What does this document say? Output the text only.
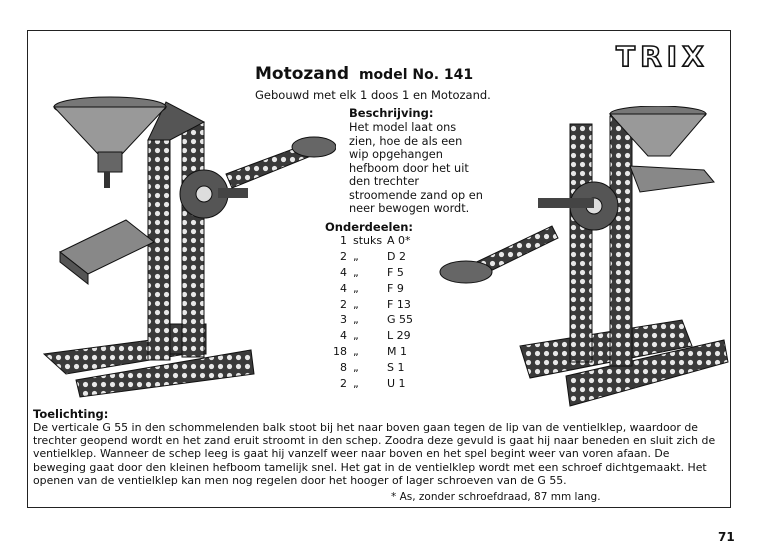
TRIX
Motozand model No. 141
Gebouwd met elk 1 doos 1 en Motozand.
Beschrijving:
Het model laat ons zien, hoe de als een wip opgehangen hefboom door het uit den trechter stroomende zand op en neer bewogen wordt.
Onderdeelen:
1 stuks A 0*
2 „	D 2
4 „	F 5
4 „	F 9
2 „	F 13
3 „	G 55
4 „	L 29
18 „	M 1
8 „	S 1
2 „	U 1
Toelichting:
De verticale G 55 in den schommelenden balk stoot bij het naar boven gaan tegen de lip van de ventielklep, waardoor de trechter geopend wordt en het zand eruit stroomt in den schep. Zoodra deze gevuld is gaat hij naar beneden en sluit zich de ventielklep. Wanneer de schep leeg is gaat hij vanzelf weer naar boven en het spel begint weer van voren afaan. De beweging gaat door den kleinen hefboom tamelijk snel. Het gat in de ventielklep wordt met een schroef dichtgemaakt. Het openen van de ventielklep kan men nog regelen door het hooger of lager schroeven van de G 55.
* As, zonder schroefdraad, 87 mm lang.
71
